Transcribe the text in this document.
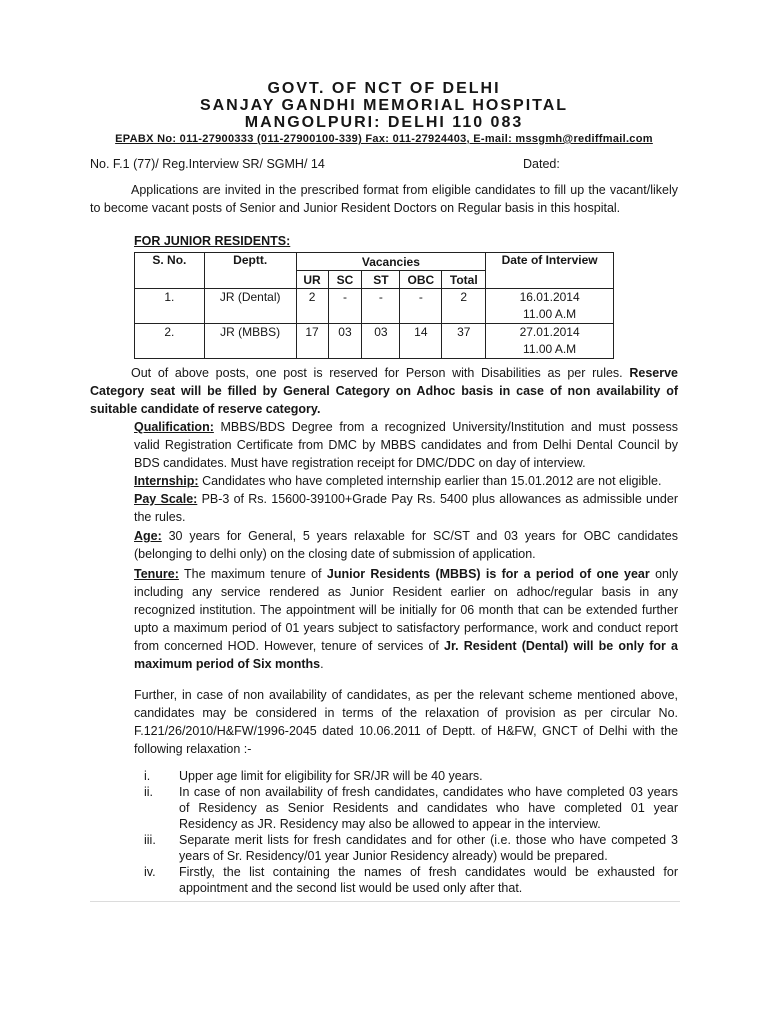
GOVT. OF NCT OF DELHI
SANJAY GANDHI MEMORIAL HOSPITAL
MANGOLPURI: DELHI 110 083
EPABX No: 011-27900333 (011-27900100-339) Fax: 011-27924403, E-mail: mssgmh@rediffmail.com
No. F.1 (77)/ Reg.Interview SR/ SGMH/ 14	Dated:

Applications are invited in the prescribed format from eligible candidates to fill up the vacant/likely to become vacant posts of Senior and Junior Resident Doctors on Regular basis in this hospital.

FOR JUNIOR RESIDENTS:
S. No.	Deptt.	Vacancies					Date of Interview
		UR	SC	ST	OBC	Total	
1.	JR (Dental)	2	-	-	-	2	16.01.2014
11.00 A.M

2.	JR (MBBS)	17	03	03	14	37	27.01.2014
11.00 A.M

Out of above posts, one post is reserved for Person with Disabilities as per rules. Reserve Category seat will be filled by General Category on Adhoc basis in case of non availability of suitable candidate of reserve category.

Qualification: MBBS/BDS Degree from a recognized University/Institution and must possess valid Registration Certificate from DMC by MBBS candidates and from Delhi Dental Council by BDS candidates. Must have registration receipt for DMC/DDC on day of interview.

Internship: Candidates who have completed internship earlier than 15.01.2012 are not eligible.

Pay Scale: PB-3 of Rs. 15600-39100+Grade Pay Rs. 5400 plus allowances as admissible under the rules.

Age: 30 years for General, 5 years relaxable for SC/ST and 03 years for OBC candidates (belonging to delhi only) on the closing date of submission of application.

Tenure: The maximum tenure of Junior Residents (MBBS) is for a period of one year only including any service rendered as Junior Resident earlier on adhoc/regular basis in any recognized institution. The appointment will be initially for 06 month that can be extended further upto a maximum period of 01 years subject to satisfactory performance, work and conduct report from concerned HOD. However, tenure of services of Jr. Resident (Dental) will be only for a maximum period of Six months.

Further, in case of non availability of candidates, as per the relevant scheme mentioned above, candidates may be considered in terms of the relaxation of provision as per circular No. F.121/26/2010/H&FW/1996-2045 dated 10.06.2011 of Deptt. of H&FW, GNCT of Delhi with the following relaxation :-

i.	Upper age limit for eligibility for SR/JR will be 40 years.
ii.	In case of non availability of fresh candidates, candidates who have completed 03 years of Residency as Senior Residents and candidates who have completed 01 year Residency as JR. Residency may also be allowed to appear in the interview.
iii.	Separate merit lists for fresh candidates and for other (i.e. those who have competed 3 years of Sr. Residency/01 year Junior Residency already) would be prepared.
iv.	Firstly, the list containing the names of fresh candidates would be exhausted for appointment and the second list would be used only after that.
